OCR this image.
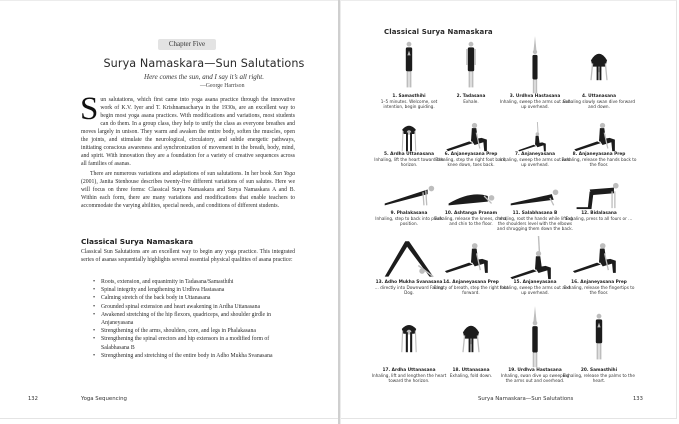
Chapter Five
Surya Namaskara—Sun Salutations
Here comes the sun, and I say it’s all right.
—George Harrison
Sun salutations, which first came into yoga asana practice through the innovative work of K.V. Iyer and T. Krishnamacharya in the 1930s, are an excellent way to begin most yoga asana practices. With modifications and variations, most students can do them. In a group class, they help to unify the class as everyone breathes and moves largely in unison. They warm and awaken the entire body, soften the muscles, open the joints, and stimulate the neurological, circulatory, and subtle energetic pathways, initiating conscious awareness and synchronization of movement in the breath, body, mind, and spirit. With innovation they are a foundation for a variety of creative sequences across all families of asanas.
There are numerous variations and adaptations of sun salutations. In her book Sun Yoga (2001), Janita Stenhouse describes twenty-five different variations of sun salutes. Here we will focus on three forms: Classical Surya Namaskara and Surya Namaskara A and B. Within each form, there are many variations and modifications that enable teachers to accommodate the varying abilities, special needs, and conditions of different students.
Classical Surya Namaskara
Classical Sun Salutations are an excellent way to begin any yoga practice. This integrated series of asanas sequentially highlights several essential physical qualities of asana practice:
• Roots, extension, and equanimity in Tadasana/Samasthihi
• Spinal integrity and lengthening in Urdhva Hastasana
• Calming stretch of the back body in Uttanasana
• Grounded spinal extension and heart awakening in Ardha Uttanasana
• Awakened stretching of the hip flexors, quadriceps, and shoulder girdle in Anjaneyasana
• Strengthening of the arms, shoulders, core, and legs in Phalakasana
• Strengthening the spinal erectors and hip extensors in a modified form of Salabhasana B
• Strengthening and stretching of the entire body in Adho Mukha Svanasana
132	Yoga Sequencing
Classical Surya Namaskara
1. Samasthihi
1–5 minutes. Welcome, set intention, begin guiding.
2. Tadasana
Exhale.
3. Urdhva Hastasana
Inhaling, sweep the arms out and up overhead.
4. Uttanasana
Exhaling slowly swan dive forward and down.
5. Ardha Uttanasana
Inhaling, lift the heart toward the horizon.
6. Anjaneyasana Prep
Exhaling, step the right foot back, knee down, toes back.
7. Anjaneyasana
Inhaling, sweep the arms out and up overhead.
8. Anjaneyasana Prep
Exhaling, release the hands back to the floor.
9. Phalakasana
Inhaling, step to back into plank position.
10. Ashtanga Pranam
Exhaling, release the knees, chest, and chin to the floor.
11. Salabhasana B
Inhaling, root the hands while lifting the shoulders level with the elbows and shrugging them down the back.
12. Bidalasana
Exhaling, press to all fours or …
13. Adho Mukha Svanasana
… directly into Downward Facing Dog.
14. Anjaneyasana Prep
Empty of breath, step the right foot forward.
15. Anjaneyasana
Inhaling, sweep the arms out and up overhead.
16. Anjaneyasana Prep
Exhaling, release the fingertips to the floor.
17. Ardha Uttanasana
Inhaling, lift and lengthen the heart toward the horizon.
18. Uttanasana
Exhaling, fold down.
19. Urdhva Hastasana
Inhaling, swan dive up sweeping the arms out and overhead.
20. Samasthihi
Exhaling, release the palms to the heart.
Surya Namaskara—Sun Salutations	133
